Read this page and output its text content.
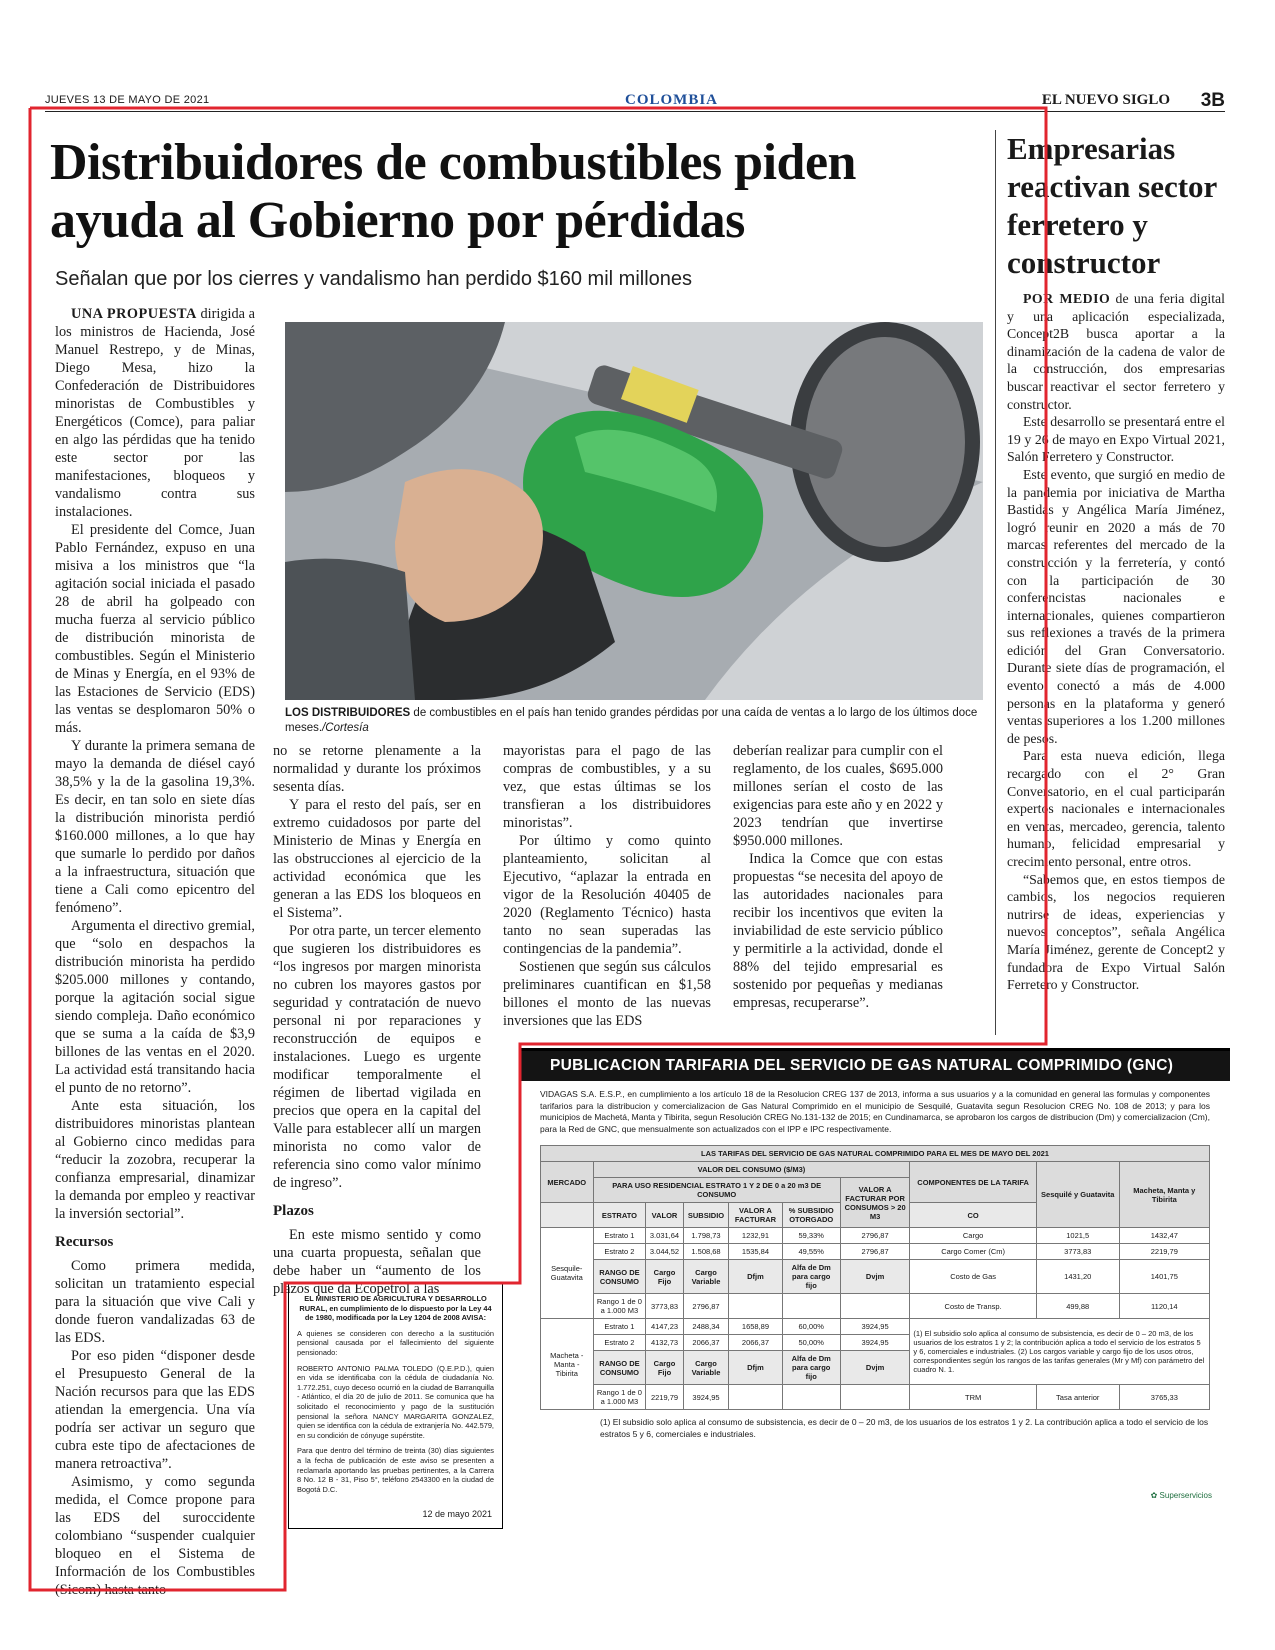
JUEVES 13 DE MAYO DE 2021	COLOMBIA	EL NUEVO SIGLO 3B
Distribuidores de combustibles piden ayuda al Gobierno por pérdidas
Señalan que por los cierres y vandalismo han perdido $160 mil millones

UNA PROPUESTA dirigida a los ministros de Hacienda, José Manuel Restrepo, y de Minas, Diego Mesa, hizo la Confederación de Distribuidores minoristas de Combustibles y Energéticos (Comce), para paliar en algo las pérdidas que ha tenido este sector por las manifestaciones, bloqueos y vandalismo contra sus instalaciones.

El presidente del Comce, Juan Pablo Fernández, expuso en una misiva a los ministros que “la agitación social iniciada el pasado 28 de abril ha golpeado con mucha fuerza al servicio público de distribución minorista de combustibles. Según el Ministerio de Minas y Energía, en el 93% de las Estaciones de Servicio (EDS) las ventas se desplomaron 50% o más.

Y durante la primera semana de mayo la demanda de diésel cayó 38,5% y la de la gasolina 19,3%. Es decir, en tan solo en siete días la distribución minorista perdió $160.000 millones, a lo que hay que sumarle lo perdido por daños a la infraestructura, situación que tiene a Cali como epicentro del fenómeno”.

Argumenta el directivo gremial, que “solo en despachos la distribución minorista ha perdido $205.000 millones y contando, porque la agitación social sigue siendo compleja. Daño económico que se suma a la caída de $3,9 billones de las ventas en el 2020. La actividad está transitando hacia el punto de no retorno”.

Ante esta situación, los distribuidores minoristas plantean al Gobierno cinco medidas para “reducir la zozobra, recuperar la confianza empresarial, dinamizar la demanda por empleo y reactivar la inversión sectorial”.

Recursos

Como primera medida, solicitan un tratamiento especial para la situación que vive Cali y donde fueron vandalizadas 63 de las EDS.

Por eso piden “disponer desde el Presupuesto General de la Nación recursos para que las EDS atiendan la emergencia. Una vía podría ser activar un seguro que cubra este tipo de afectaciones de manera retroactiva”.

Asimismo, y como segunda medida, el Comce propone para las EDS del suroccidente colombiano “suspender cualquier bloqueo en el Sistema de Información de los Combustibles (Sicom) hasta tanto

LOS DISTRIBUIDORES de combustibles en el país han tenido grandes pérdidas por una caída de ventas a lo largo de los últimos doce meses./Cortesía

no se retorne plenamente a la normalidad y durante los próximos sesenta días.

Y para el resto del país, ser en extremo cuidadosos por parte del Ministerio de Minas y Energía en las obstrucciones al ejercicio de la actividad económica que les generan a las EDS los bloqueos en el Sistema”.

Por otra parte, un tercer elemento que sugieren los distribuidores es “los ingresos por margen minorista no cubren los mayores gastos por seguridad y contratación de nuevo personal ni por reparaciones y reconstrucción de equipos e instalaciones. Luego es urgente modificar temporalmente el régimen de libertad vigilada en precios que opera en la capital del Valle para establecer allí un margen minorista no como valor de referencia sino como valor mínimo de ingreso”.

Plazos

En este mismo sentido y como una cuarta propuesta, señalan que debe haber un “aumento de los plazos que da Ecopetrol a las

mayoristas para el pago de las compras de combustibles, y a su vez, que estas últimas se los transfieran a los distribuidores minoristas”.

Por último y como quinto planteamiento, solicitan al Ejecutivo, “aplazar la entrada en vigor de la Resolución 40405 de 2020 (Reglamento Técnico) hasta tanto no sean superadas las contingencias de la pandemia”.

Sostienen que según sus cálculos preliminares cuantifican en $1,58 billones el monto de las nuevas inversiones que las EDS

deberían realizar para cumplir con el reglamento, de los cuales, $695.000 millones serían el costo de las exigencias para este año y en 2022 y 2023 tendrían que invertirse $950.000 millones.

Indica la Comce que con estas propuestas “se necesita del apoyo de las autoridades nacionales para recibir los incentivos que eviten la inviabilidad de este servicio público y permitirle a la actividad, donde el 88% del tejido empresarial es sostenido por pequeñas y medianas empresas, recuperarse”.

Empresarias reactivan sector ferretero y constructor

POR MEDIO de una feria digital y una aplicación especializada, Concept2B busca aportar a la dinamización de la cadena de valor de la construcción, dos empresarias buscar reactivar el sector ferretero y constructor.

Este desarrollo se presentará entre el 19 y 26 de mayo en Expo Virtual 2021, Salón Ferretero y Constructor.

Este evento, que surgió en medio de la pandemia por iniciativa de Martha Bastidas y Angélica María Jiménez, logró reunir en 2020 a más de 70 marcas referentes del mercado de la construcción y la ferretería, y contó con la participación de 30 conferencistas nacionales e internacionales, quienes compartieron sus reflexiones a través de la primera edición del Gran Conversatorio. Durante siete días de programación, el evento conectó a más de 4.000 personas en la plataforma y generó ventas superiores a los 1.200 millones de pesos.

Para esta nueva edición, llega recargado con el 2° Gran Conversatorio, en el cual participarán expertos nacionales e internacionales en ventas, mercadeo, gerencia, talento humano, felicidad empresarial y crecimiento personal, entre otros.

“Sabemos que, en estos tiempos de cambios, los negocios requieren nutrirse de ideas, experiencias y nuevos conceptos”, señala Angélica María Jiménez, gerente de Concept2 y fundadora de Expo Virtual Salón Ferretero y Constructor.

PUBLICACION TARIFARIA DEL SERVICIO DE GAS NATURAL COMPRIMIDO (GNC)
VIDAGAS S.A. E.S.P., en cumplimiento a los artículo 18 de la Resolucion CREG 137 de 2013, informa a sus usuarios y a la comunidad en general las formulas y componentes tarifarios para la distribucion y comercializacion de Gas Natural Comprimido en el municipio de Sesquilé, Guatavita segun Resolucion CREG No. 108 de 2013; y para los municipios de Machetá, Manta y Tibirita, segun Resolución CREG No.131-132 de 2015; en Cundinamarca, se aprobaron los cargos de distribucion (Dm) y comercializacion (Cm), para la Red de GNC, que mensualmente son actualizados con el IPP e IPC respectivamente.
LAS TARIFAS DEL SERVICIO DE GAS NATURAL COMPRIMIDO PARA EL MES DE MAYO DEL 2021									
MERCADO	VALOR DEL CONSUMO ($/M3)						COMPONENTES DE LA TARIFA	Sesquilé y Guatavita	Macheta, Manta y Tibirita
	PARA USO RESIDENCIAL ESTRATO 1 Y 2 DE 0 a 20 m3 DE CONSUMO					VALOR A FACTURAR POR CONSUMOS > 20 M3			
	ESTRATO	VALOR	SUBSIDIO	VALOR A FACTURAR	% SUBSIDIO OTORGADO		CO		
Sesquile-Guatavita	Estrato 1	3.031,64	1.798,73	1232,91	59,33%	2796,87	Cargo	1021,5	1432,47
	Estrato 2	3.044,52	1.508,68	1535,84	49,55%	2796,87	Cargo Comer (Cm)	3773,83	2219,79
	RANGO DE CONSUMO	Cargo Fijo	Cargo Variable	Dfjm	Alfa de Dm para cargo fijo	Dvjm	Costo de Gas	1431,20	1401,75
	Rango 1 de 0 a 1.000 M3	3773,83	2796,87				Costo de Transp.	499,88	1120,14
Macheta - Manta - Tibirita	Estrato 1	4147,23	2488,34	1658,89	60,00%	3924,95	(1) El subsidio solo aplica al consumo de subsistencia, es decir de 0 – 20 m3, de los usuarios de los estratos 1 y 2; la contribución aplica a todo el servicio de los estratos 5 y 6, comerciales e industriales. (2) Los cargos variable y cargo fijo de los usos otros, correspondientes según los rangos de las tarifas generales (Mr y Mf) con parámetro del cuadro N. 1.		
	Estrato 2	4132,73	2066,37	2066,37	50,00%	3924,95			
	RANGO DE CONSUMO	Cargo Fijo	Cargo Variable	Dfjm	Alfa de Dm para cargo fijo	Dvjm			
	Rango 1 de 0 a 1.000 M3	2219,79	3924,95				TRM	Tasa anterior	3765,33
(1) El subsidio solo aplica al consumo de subsistencia, es decir de 0 – 20 m3, de los usuarios de los estratos 1 y 2. La contribución aplica a todo el servicio de los estratos 5 y 6, comerciales e industriales.
✿ Superservicios
EL MINISTERIO DE AGRICULTURA Y DESARROLLO RURAL, en cumplimiento de lo dispuesto por la Ley 44 de 1980, modificada por la Ley 1204 de 2008 AVISA:
A quienes se consideren con derecho a la sustitución pensional causada por el fallecimiento del siguiente pensionado:
ROBERTO ANTONIO PALMA TOLEDO (Q.E.P.D.), quien en vida se identificaba con la cédula de ciudadanía No. 1.772.251, cuyo deceso ocurrió en la ciudad de Barranquilla - Atlántico, el día 20 de julio de 2011. Se comunica que ha solicitado el reconocimiento y pago de la sustitución pensional la señora NANCY MARGARITA GONZALEZ, quien se identifica con la cédula de extranjería No. 442.579, en su condición de cónyuge supérstite.
Para que dentro del término de treinta (30) días siguientes a la fecha de publicación de este aviso se presenten a reclamarla aportando las pruebas pertinentes, a la Carrera 8 No. 12 B - 31, Piso 5°, teléfono 2543300 en la ciudad de Bogotá D.C.
12 de mayo 2021
